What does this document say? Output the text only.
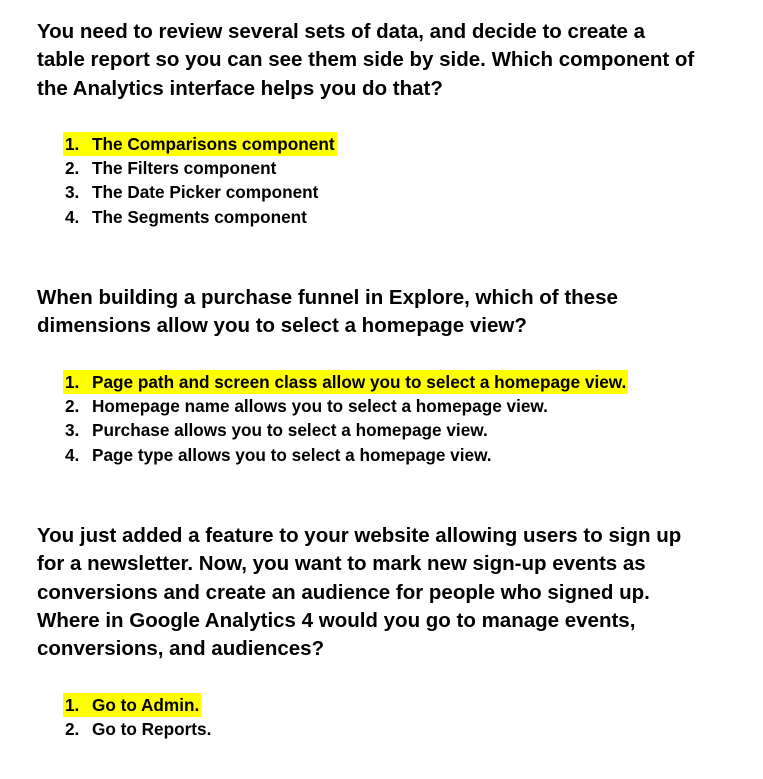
You need to review several sets of data, and decide to create a
table report so you can see them side by side. Which component of
the Analytics interface helps you do that?
1. The Comparisons component
2. The Filters component
3. The Date Picker component
4. The Segments component
When building a purchase funnel in Explore, which of these
dimensions allow you to select a homepage view?
1. Page path and screen class allow you to select a homepage view.
2. Homepage name allows you to select a homepage view.
3. Purchase allows you to select a homepage view.
4. Page type allows you to select a homepage view.
You just added a feature to your website allowing users to sign up
for a newsletter. Now, you want to mark new sign-up events as
conversions and create an audience for people who signed up.
Where in Google Analytics 4 would you go to manage events,
conversions, and audiences?
1. Go to Admin.
2. Go to Reports.
